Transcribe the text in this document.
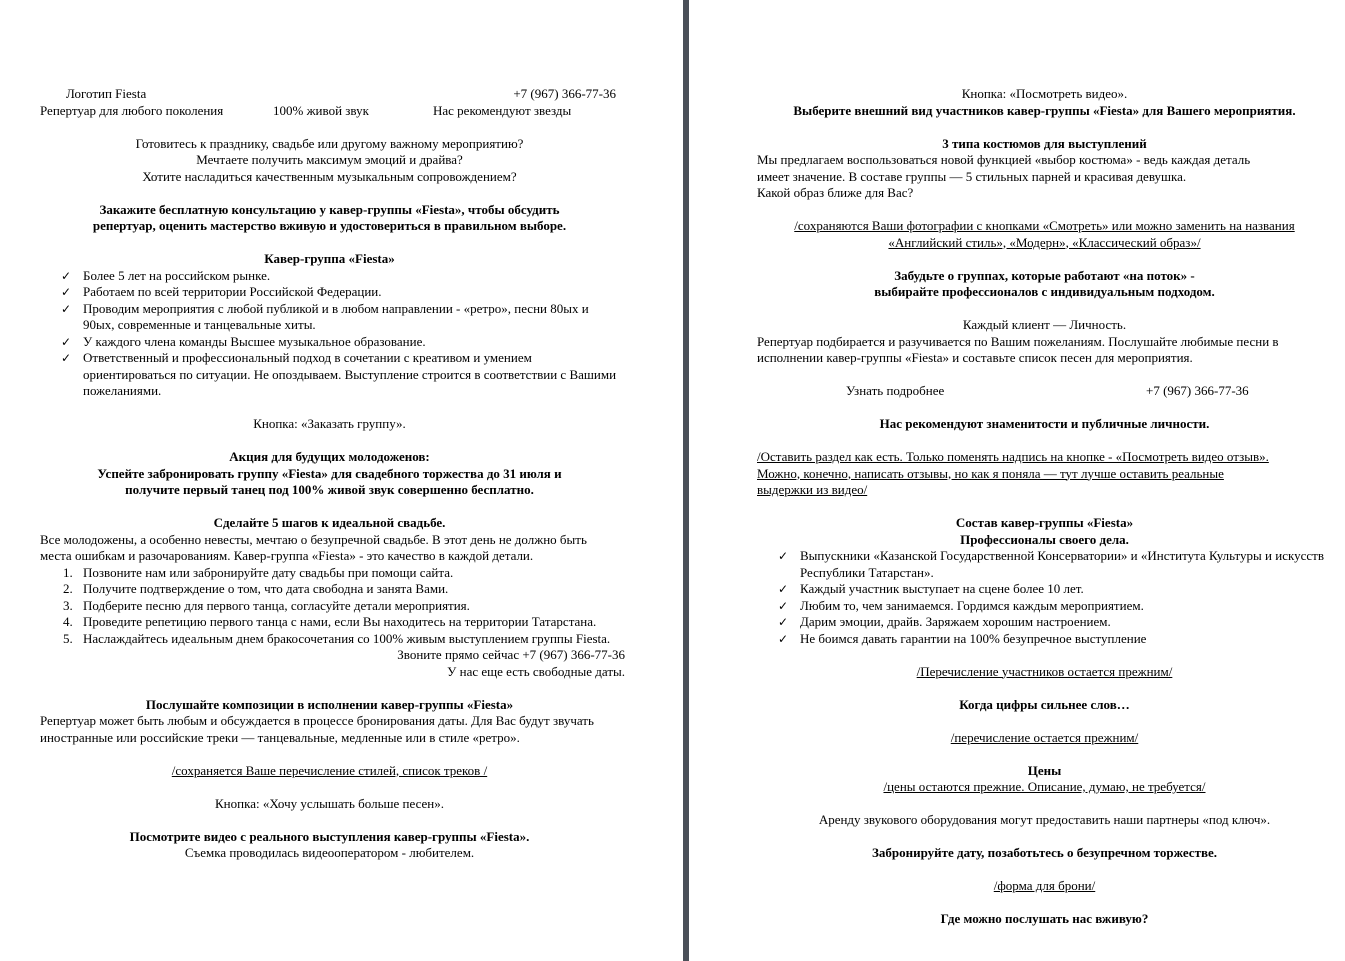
Логотип Fiesta	+7 (967) 366-77-36
Репертуар для любого поколения	100% живой звук	Нас рекомендуют звезды

Готовитесь к празднику, свадьбе или другому важному мероприятию?

Мечтаете получить максимум эмоций и драйва?

Хотите насладиться качественным музыкальным сопровождением?

Закажите бесплатную консультацию у кавер-группы «Fiesta», чтобы обсудить

репертуар, оценить мастерство вживую и удостовериться в правильном выборе.

Кавер-группа «Fiesta»

✓ Более 5 лет на российском рынке.
✓ Работаем по всей территории Российской Федерации.
✓ Проводим мероприятия с любой публикой и в любом направлении - «ретро», песни 80ых и 90ых, современные и танцевальные хиты.
✓ У каждого члена команды Высшее музыкальное образование.
✓ Ответственный и профессиональный подход в сочетании с креативом и умением ориентироваться по ситуации. Не опоздываем. Выступление строится в соответствии с Вашими пожеланиями.

Кнопка: «Заказать группу».

Акция для будущих молодоженов:

Успейте забронировать группу «Fiesta» для свадебного торжества до 31 июля и

получите первый танец под 100% живой звук совершенно бесплатно.

Сделайте 5 шагов к идеальной свадьбе.

Все молодожены, а особенно невесты, мечтаю о безупречной свадьбе. В этот день не должно быть места ошибкам и разочарованиям. Кавер-группа «Fiesta» - это качество в каждой детали.

1. Позвоните нам или забронируйте дату свадьбы при помощи сайта.
2. Получите подтверждение о том, что дата свободна и занята Вами.
3. Подберите песню для первого танца, согласуйте детали мероприятия.
4. Проведите репетицию первого танца с нами, если Вы находитесь на территории Татарстана.
5. Наслаждайтесь идеальным днем бракосочетания со 100% живым выступлением группы Fiesta.

Звоните прямо сейчас +7 (967) 366-77-36

У нас еще есть свободные даты.

Послушайте композиции в исполнении кавер-группы «Fiesta»

Репертуар может быть любым и обсуждается в процессе бронирования даты. Для Вас будут звучать иностранные или российские треки — танцевальные, медленные или в стиле «ретро».

/сохраняется Ваше перечисление стилей, список треков /

Кнопка: «Хочу услышать больше песен».

Посмотрите видео с реального выступления кавер-группы «Fiesta».

Съемка проводилась видеооператором - любителем.

Кнопка: «Посмотреть видео».

Выберите внешний вид участников кавер-группы «Fiesta» для Вашего мероприятия.

3 типа костюмов для выступлений

Мы предлагаем воспользоваться новой функцией «выбор костюма» - ведь каждая деталь

имеет значение. В составе группы — 5 стильных парней и красивая девушка.

Какой образ ближе для Вас?

/сохраняются Ваши фотографии с кнопками «Смотреть» или можно заменить на названия

«Английский стиль», «Модерн», «Классический образ»/

Забудьте о группах, которые работают «на поток» -

выбирайте профессионалов с индивидуальным подходом.

Каждый клиент — Личность.

Репертуар подбирается и разучивается по Вашим пожеланиям. Послушайте любимые песни в исполнении кавер-группы «Fiesta» и составьте список песен для мероприятия.

Узнать подробнее	+7 (967) 366-77-36

Нас рекомендуют знаменитости и публичные личности.

/Оставить раздел как есть. Только поменять надпись на кнопке - «Посмотреть видео отзыв».

Можно, конечно, написать отзывы, но как я поняла — тут лучше оставить реальные

выдержки из видео/

Состав кавер-группы «Fiesta»

Профессионалы своего дела.

✓ Выпускники «Казанской Государственной Консерватории» и «Института Культуры и искусств Республики Татарстан».
✓ Каждый участник выступает на сцене более 10 лет.
✓ Любим то, чем занимаемся. Гордимся каждым мероприятием.
✓ Дарим эмоции, драйв. Заряжаем хорошим настроением.
✓ Не боимся давать гарантии на 100% безупречное выступление

/Перечисление участников остается прежним/

Когда цифры сильнее слов…

/перечисление остается прежним/

Цены

/цены остаются прежние. Описание, думаю, не требуется/

Аренду звукового оборудования могут предоставить наши партнеры «под ключ».

Забронируйте дату, позаботьтесь о безупречном торжестве.

/форма для брони/

Где можно послушать нас вживую?
